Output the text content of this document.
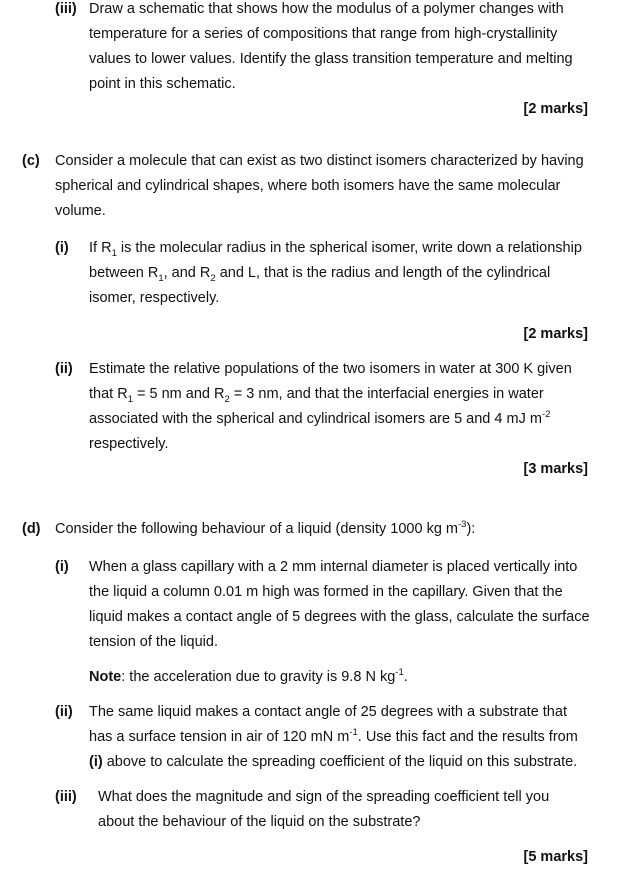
(iii) Draw a schematic that shows how the modulus of a polymer changes with temperature for a series of compositions that range from high-crystallinity values to lower values. Identify the glass transition temperature and melting point in this schematic.
[2 marks]
(c) Consider a molecule that can exist as two distinct isomers characterized by having spherical and cylindrical shapes, where both isomers have the same molecular volume.
(i) If $R_1$ is the molecular radius in the spherical isomer, write down a relationship between $R_1$, and $R_2$ and L, that is the radius and length of the cylindrical isomer, respectively.
[2 marks]
(ii) Estimate the relative populations of the two isomers in water at 300 K given that $R_1 = 5$ nm and $R_2 = 3$ nm, and that the interfacial energies in water associated with the spherical and cylindrical isomers are 5 and 4 mJ $m^{-2}$ respectively.
[3 marks]
(d) Consider the following behaviour of a liquid (density 1000 kg $m^{-3}$):
(i) When a glass capillary with a 2 mm internal diameter is placed vertically into the liquid a column 0.01 m high was formed in the capillary. Given that the liquid makes a contact angle of 5 degrees with the glass, calculate the surface tension of the liquid.
Note: the acceleration due to gravity is 9.8 N $kg^{-1}$.
(ii) The same liquid makes a contact angle of 25 degrees with a substrate that has a surface tension in air of 120 mN $m^{-1}$. Use this fact and the results from (i) above to calculate the spreading coefficient of the liquid on this substrate.
(iii) What does the magnitude and sign of the spreading coefficient tell you about the behaviour of the liquid on the substrate?
[5 marks]
